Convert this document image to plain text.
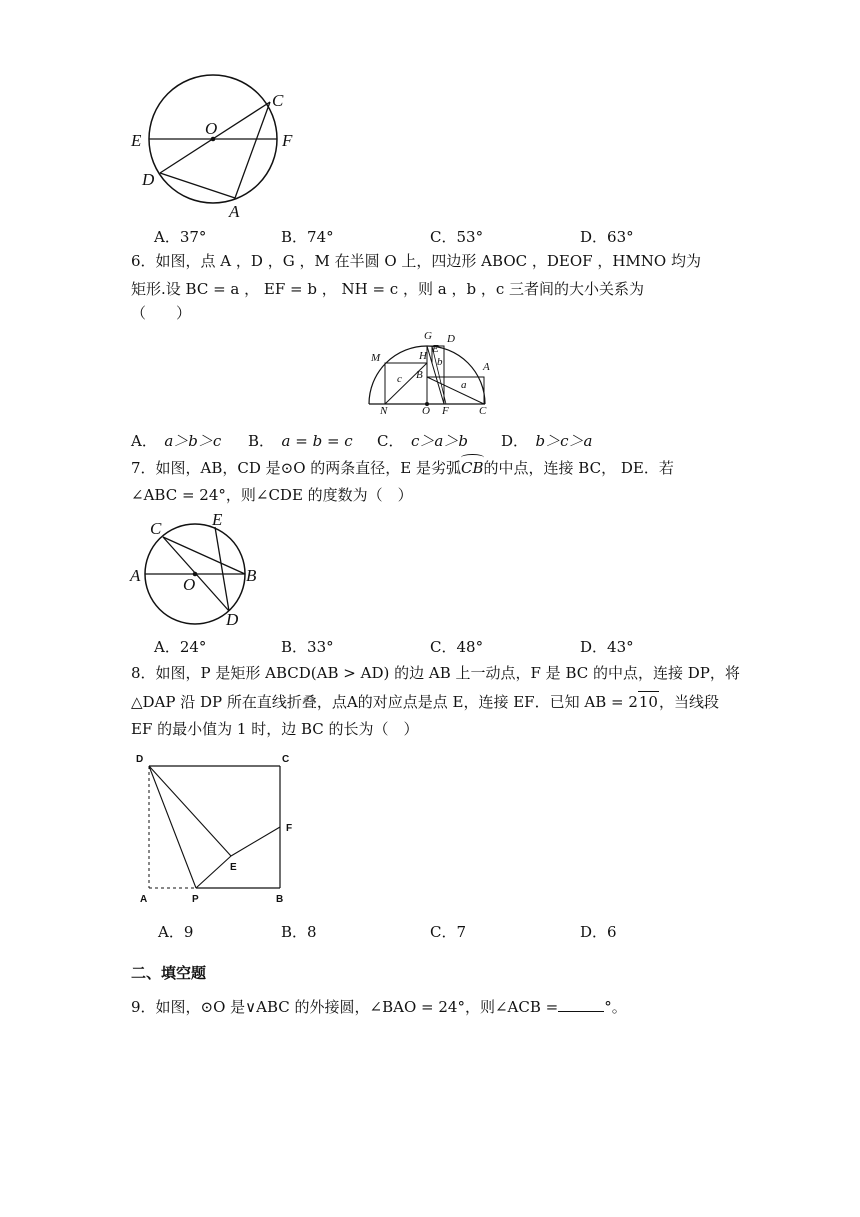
E
O
C
F
D
A
A．37°	B．74°	C．53°	D．63°
6．如图，点 A ，D ，G ，M 在半圆 O 上，四边形 ABOC ，DEOF ，HMNO 均为
矩形.设 BC = a ， EF = b ， NH = c ，则 a ，b ，c 三者间的大小关系为
（　　）
G D
M	H
E
b	A
B
c	a
N	O F	C
A．　 a＞b＞c B．　 a = b = c C．　 c＞a＞b D．　 b＞c＞a
7．如图，AB，CD 是⊙O 的两条直径，E 是劣弧CB的中点，连接 BC， DE．若
∠ABC = 24°，则∠CDE 的度数为（　）
C	E
A	O	B
D
A．24°	B．33°	C．48°	D．43°
8．如图，P 是矩形 ABCD(AB > AD) 的边 AB 上一动点，F 是 BC 的中点，连接 DP，将
△DAP 沿 DP 所在直线折叠，点A的对应点是点 E，连接 EF．已知 AB = 210，当线段
EF 的最小值为 1 时，边 BC 的长为（　）
D	C
F
E
A	P	B
A．9	B．8	C．7	D．6
二、填空题
9．如图，⊙O 是∨ABC 的外接圆，∠BAO = 24°，则∠ACB =	°。
